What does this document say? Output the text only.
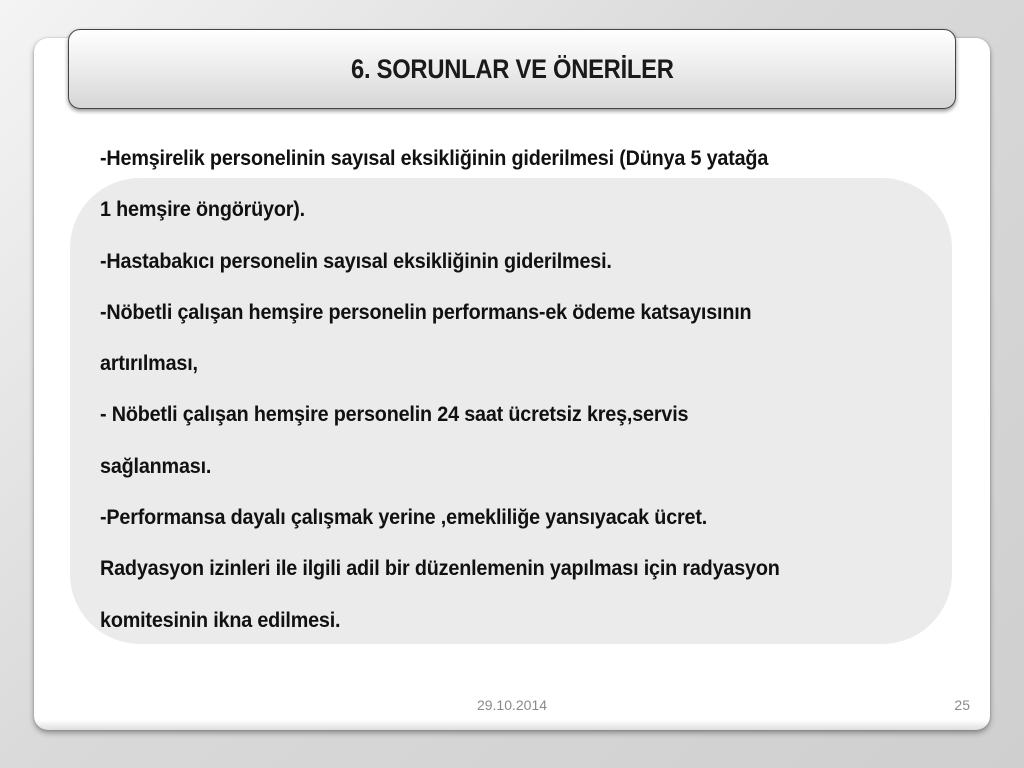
6. SORUNLAR VE ÖNERİLER
-Hemşirelik personelinin sayısal eksikliğinin giderilmesi (Dünya 5 yatağa
1 hemşire öngörüyor).
-Hastabakıcı personelin sayısal eksikliğinin giderilmesi.
-Nöbetli çalışan hemşire personelin performans-ek ödeme katsayısının
artırılması,
- Nöbetli çalışan hemşire personelin 24 saat ücretsiz kreş,servis
sağlanması.
-Performansa dayalı çalışmak yerine ,emekliliğe yansıyacak ücret.
Radyasyon izinleri ile ilgili adil bir düzenlemenin yapılması için radyasyon
komitesinin ikna edilmesi.
29.10.2014	25
